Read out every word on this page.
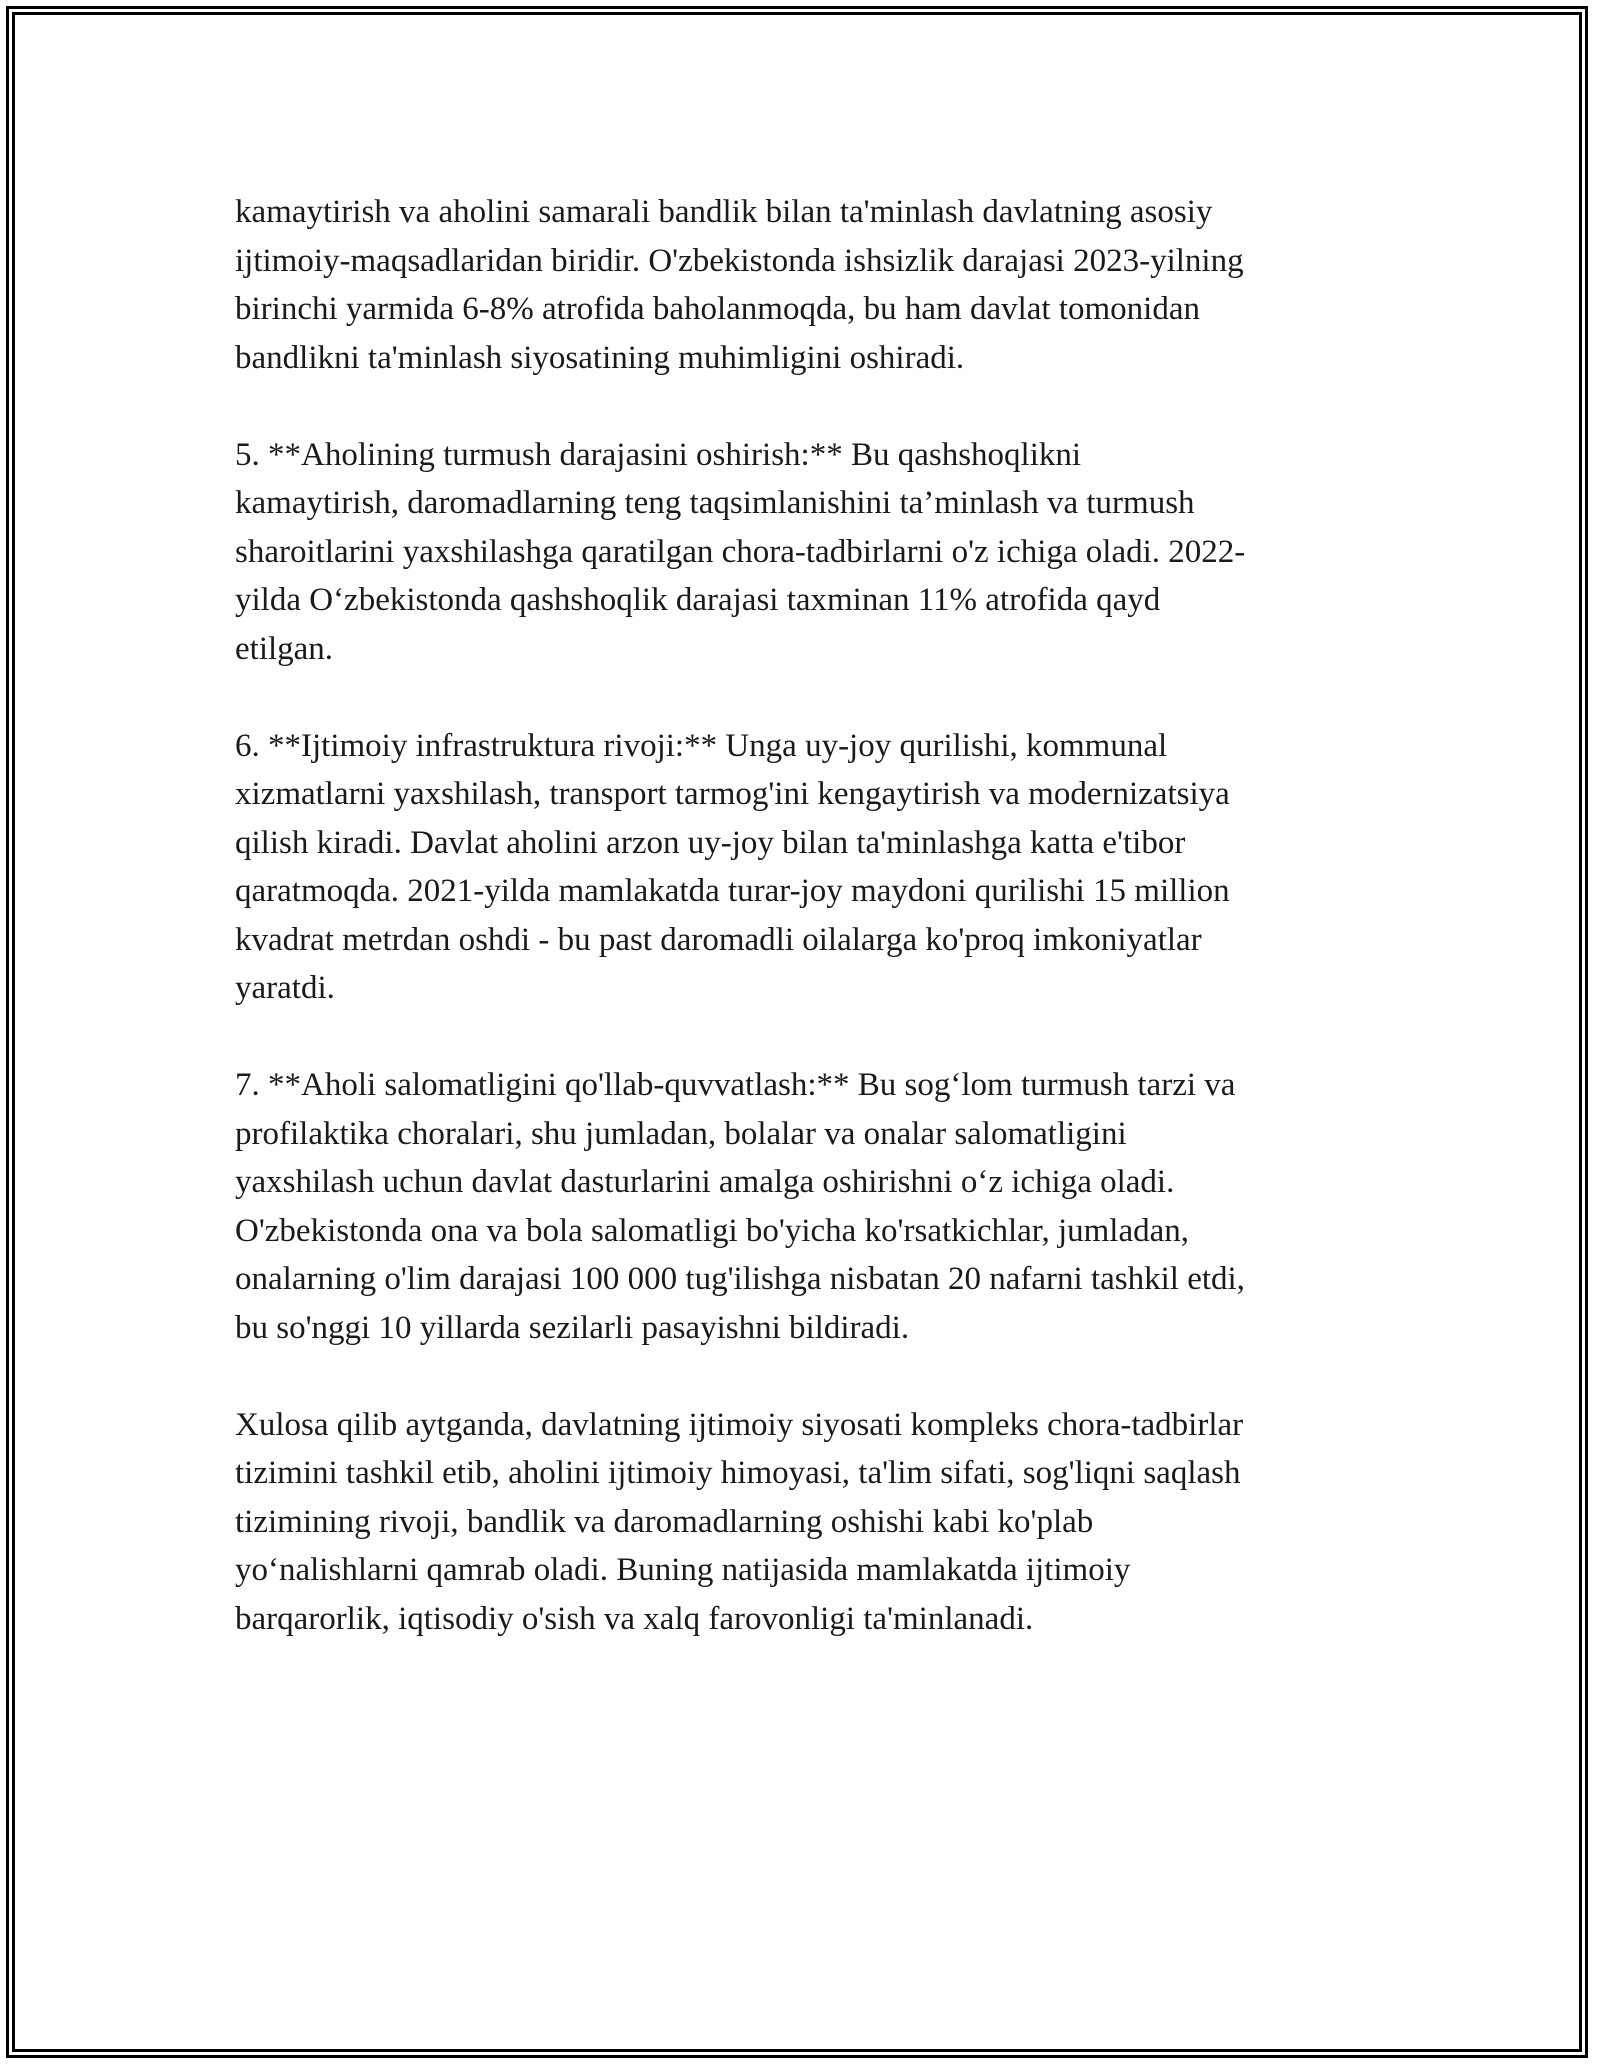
kamaytirish va aholini samarali bandlik bilan ta'minlash davlatning asosiy
ijtimoiy-maqsadlaridan biridir. O'zbekistonda ishsizlik darajasi 2023-yilning
birinchi yarmida 6-8% atrofida baholanmoqda, bu ham davlat tomonidan
bandlikni ta'minlash siyosatining muhimligini oshiradi.

5. **Aholining turmush darajasini oshirish:** Bu qashshoqlikni
kamaytirish, daromadlarning teng taqsimlanishini ta’minlash va turmush
sharoitlarini yaxshilashga qaratilgan chora-tadbirlarni o'z ichiga oladi. 2022-
yilda O‘zbekistonda qashshoqlik darajasi taxminan 11% atrofida qayd
etilgan.

6. **Ijtimoiy infrastruktura rivoji:** Unga uy-joy qurilishi, kommunal
xizmatlarni yaxshilash, transport tarmog'ini kengaytirish va modernizatsiya
qilish kiradi. Davlat aholini arzon uy-joy bilan ta'minlashga katta e'tibor
qaratmoqda. 2021-yilda mamlakatda turar-joy maydoni qurilishi 15 million
kvadrat metrdan oshdi - bu past daromadli oilalarga ko'proq imkoniyatlar
yaratdi.

7. **Aholi salomatligini qo'llab-quvvatlash:** Bu sog‘lom turmush tarzi va
profilaktika choralari, shu jumladan, bolalar va onalar salomatligini
yaxshilash uchun davlat dasturlarini amalga oshirishni o‘z ichiga oladi.
O'zbekistonda ona va bola salomatligi bo'yicha ko'rsatkichlar, jumladan,
onalarning o'lim darajasi 100 000 tug'ilishga nisbatan 20 nafarni tashkil etdi,
bu so'nggi 10 yillarda sezilarli pasayishni bildiradi.

Xulosa qilib aytganda, davlatning ijtimoiy siyosati kompleks chora-tadbirlar
tizimini tashkil etib, aholini ijtimoiy himoyasi, ta'lim sifati, sog'liqni saqlash
tizimining rivoji, bandlik va daromadlarning oshishi kabi ko'plab
yo‘nalishlarni qamrab oladi. Buning natijasida mamlakatda ijtimoiy
barqarorlik, iqtisodiy o'sish va xalq farovonligi ta'minlanadi.
